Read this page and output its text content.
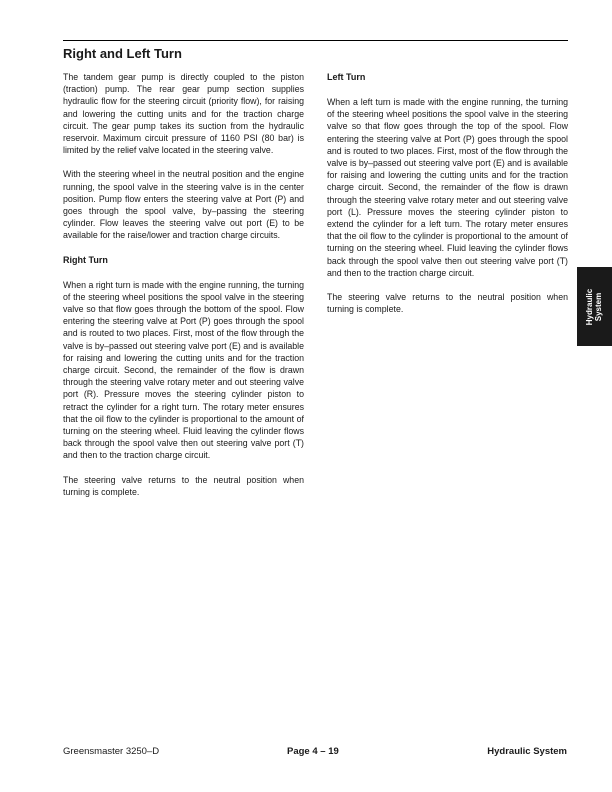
Right and Left Turn

The tandem gear pump is directly coupled to the piston (traction) pump. The rear gear pump section supplies hydraulic flow for the steering circuit (priority flow), for raising and lowering the cutting units and for the traction charge circuit. The gear pump takes its suction from the hydraulic reservoir. Maximum circuit pressure of 1160 PSI (80 bar) is limited by the relief valve located in the steering valve.

With the steering wheel in the neutral position and the engine running, the spool valve in the steering valve is in the center position. Pump flow enters the steering valve at Port (P) and goes through the spool valve, by–passing the steering cylinder. Flow leaves the steering valve out port (E) to be available for the raise/lower and traction charge circuits.

Right Turn

When a right turn is made with the engine running, the turning of the steering wheel positions the spool valve in the steering valve so that flow goes through the bottom of the spool. Flow entering the steering valve at Port (P) goes through the spool and is routed to two places. First, most of the flow through the valve is by–passed out steering valve port (E) and is available for raising and lowering the cutting units and for the traction charge circuit. Second, the remainder of the flow is drawn through the steering valve rotary meter and out steering valve port (R). Pressure moves the steering cylinder piston to retract the cylinder for a right turn. The rotary meter ensures that the oil flow to the cylinder is proportional to the amount of turning on the steering wheel. Fluid leaving the cylinder flows back through the spool valve then out steering valve port (T) and then to the traction charge circuit.

The steering valve returns to the neutral position when turning is complete.

Left Turn

When a left turn is made with the engine running, the turning of the steering wheel positions the spool valve in the steering valve so that flow goes through the top of the spool. Flow entering the steering valve at Port (P) goes through the spool and is routed to two places. First, most of the flow through the valve is by–passed out steering valve port (E) and is available for raising and lowering the cutting units and for the traction charge circuit. Second, the remainder of the flow is drawn through the steering valve rotary meter and out steering valve port (L). Pressure moves the steering cylinder piston to extend the cylinder for a left turn. The rotary meter ensures that the oil flow to the cylinder is proportional to the amount of turning on the steering wheel. Fluid leaving the cylinder flows back through the spool valve then out steering valve port (T) and then to the traction charge circuit.

The steering valve returns to the neutral position when turning is complete.	Hydraulic System
Greensmaster 3250–D	Page 4 – 19	Hydraulic System
